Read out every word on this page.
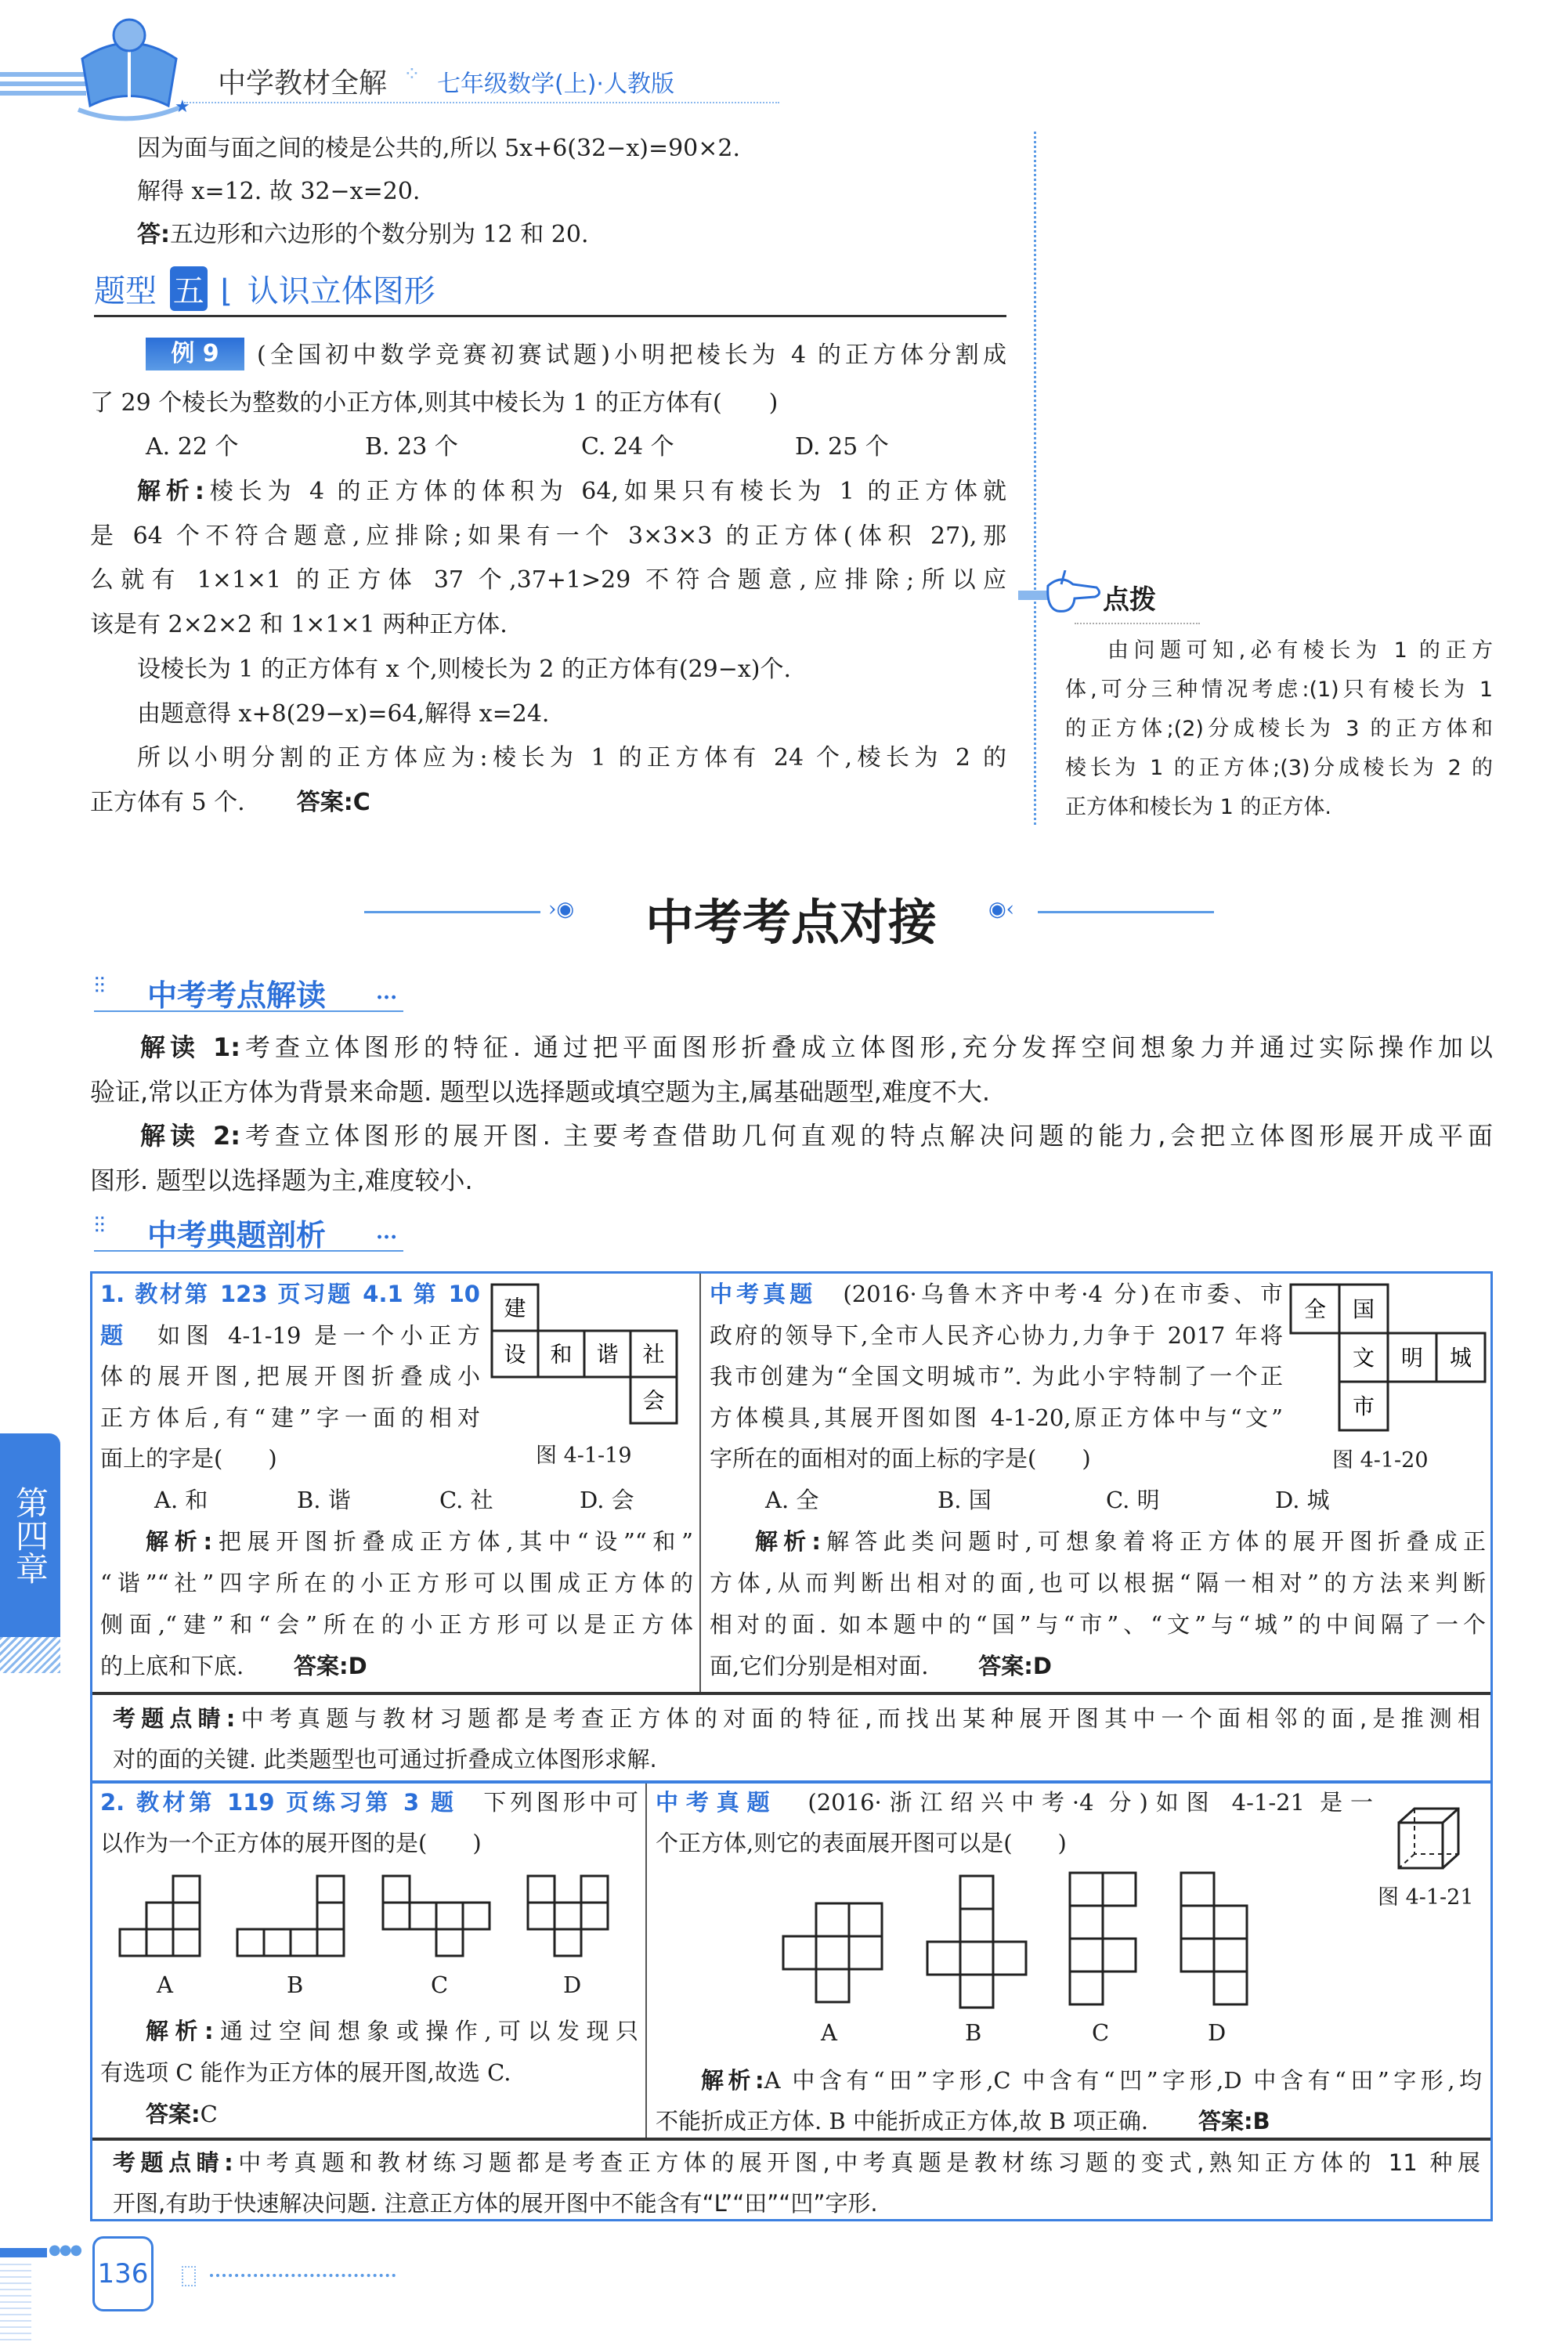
★
中学教材全解 ⁘ 七年级数学(上)·人教版
因为面与面之间的棱是公共的,所以 5x+6(32−x)=90×2.
解得 x=12. 故 32−x=20.
答:五边形和六边形的个数分别为 12 和 20.
题型 五 ⌊ 认识立体图形
例 9	(全国初中数学竞赛初赛试题)小明把棱长为 4 的正方体分割成
了 29 个棱长为整数的小正方体,则其中棱长为 1 的正方体有(　　)
A. 22 个	B. 23 个	C. 24 个	D. 25 个
解析:棱长为 4 的正方体的体积为 64,如果只有棱长为 1 的正方体就
是 64 个不符合题意,应排除;如果有一个 3×3×3 的正方体(体积 27),那
么就有 1×1×1 的正方体 37 个,37+1>29 不符合题意,应排除;所以应
该是有 2×2×2 和 1×1×1 两种正方体.
设棱长为 1 的正方体有 x 个,则棱长为 2 的正方体有(29−x)个.
由题意得 x+8(29−x)=64,解得 x=24.
所以小明分割的正方体应为:棱长为 1 的正方体有 24 个,棱长为 2 的
正方体有 5 个. 答案:C
点拨
由问题可知,必有棱长为 1 的正方
体,可分三种情况考虑:(1)只有棱长为 1
的正方体;(2)分成棱长为 3 的正方体和
棱长为 1 的正方体;(3)分成棱长为 2 的
正方体和棱长为 1 的正方体.
›◉	中考考点对接	◉‹
⫶⫶ 中考考点解读 ...
解读 1:考查立体图形的特征. 通过把平面图形折叠成立体图形,充分发挥空间想象力并通过实际操作加以
验证,常以正方体为背景来命题. 题型以选择题或填空题为主,属基础题型,难度不大.
解读 2:考查立体图形的展开图. 主要考查借助几何直观的特点解决问题的能力,会把立体图形展开成平面
图形. 题型以选择题为主,难度较小.
⫶⫶ 中考典题剖析 ...
1. 教材第 123 页习题 4.1 第 10
题　如图 4-1-19 是一个小正方
体的展开图,把展开图折叠成小
正方体后,有“建”字一面的相对
面上的字是(　　)
建
设 和 谐 社
会
图 4-1-19
A. 和	B. 谐	C. 社	D. 会
解析:把展开图折叠成正方体,其中“设”“和”
“谐”“社”四字所在的小正方形可以围成正方体的
侧面,“建”和“会”所在的小正方形可以是正方体
的上底和下底. 答案:D
中考真题　(2016·乌鲁木齐中考·4 分)在市委、市
政府的领导下,全市人民齐心协力,力争于 2017 年将
我市创建为“全国文明城市”. 为此小宇特制了一个正
方体模具,其展开图如图 4-1-20,原正方体中与“文”
字所在的面相对的面上标的字是(　　)
全 国
文 明 城
市
图 4-1-20
A. 全	B. 国	C. 明	D. 城
解析:解答此类问题时,可想象着将正方体的展开图折叠成正
方体,从而判断出相对的面,也可以根据“隔一相对”的方法来判断
相对的面. 如本题中的“国”与“市”、“文”与“城”的中间隔了一个
面,它们分别是相对面. 答案:D
考题点睛:中考真题与教材习题都是考查正方体的对面的特征,而找出某种展开图其中一个面相邻的面,是推测相
对的面的关键. 此类题型也可通过折叠成立体图形求解.
2. 教材第 119 页练习第 3 题　下列图形中可
以作为一个正方体的展开图的是(　　)
A	B	C	D
解析:通过空间想象或操作,可以发现只
有选项 C 能作为正方体的展开图,故选 C.
答案:C
中考真题　(2016·浙江绍兴中考·4 分)如图 4-1-21 是一
个正方体,则它的表面展开图可以是(　　)
图 4-1-21
A	B	C	D
解析:A 中含有“田”字形,C 中含有“凹”字形,D 中含有“田”字形,均
不能折成正方体. B 中能折成正方体,故 B 项正确. 答案:B
考题点睛:中考真题和教材练习题都是考查正方体的展开图,中考真题是教材练习题的变式,熟知正方体的 11 种展
开图,有助于快速解决问题. 注意正方体的展开图中不能含有“L”“田”“凹”字形.
第四章
●●●
136
